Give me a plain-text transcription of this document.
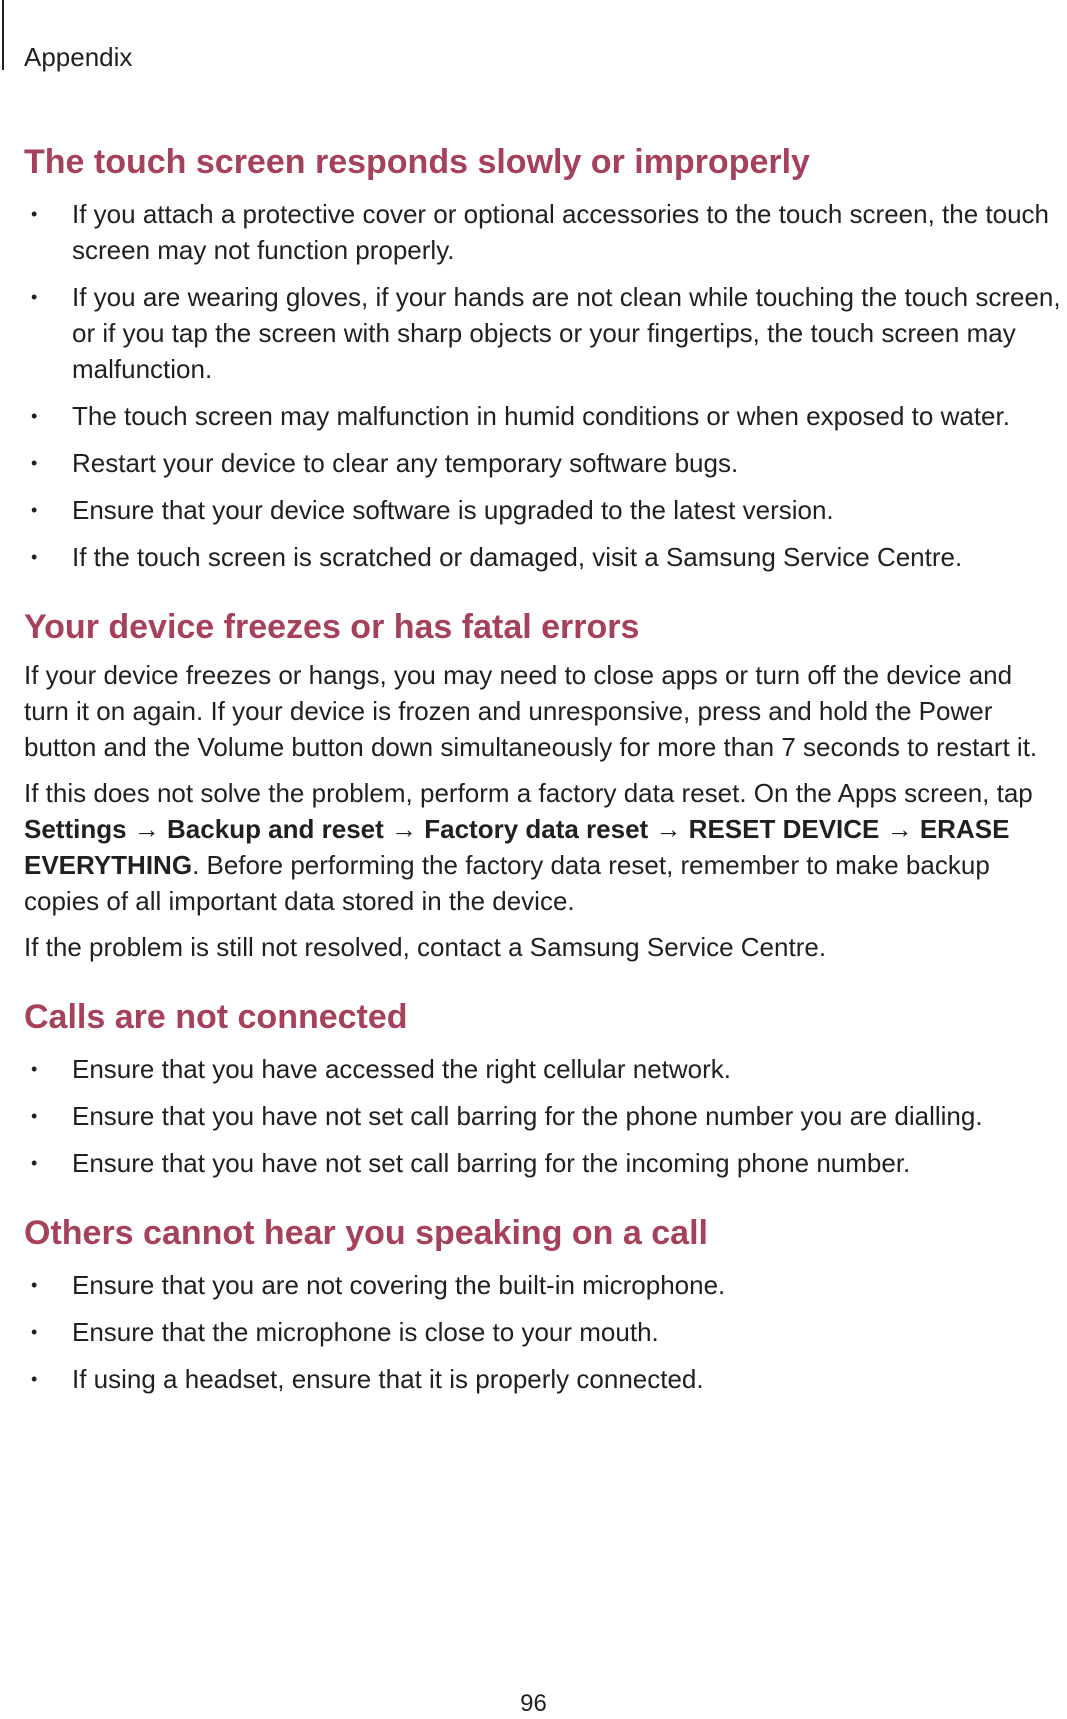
Appendix
The touch screen responds slowly or improperly
• If you attach a protective cover or optional accessories to the touch screen, the touch screen may not function properly.
• If you are wearing gloves, if your hands are not clean while touching the touch screen, or if you tap the screen with sharp objects or your fingertips, the touch screen may malfunction.
• The touch screen may malfunction in humid conditions or when exposed to water.
• Restart your device to clear any temporary software bugs.
• Ensure that your device software is upgraded to the latest version.
• If the touch screen is scratched or damaged, visit a Samsung Service Centre.
Your device freezes or has fatal errors

If your device freezes or hangs, you may need to close apps or turn off the device and turn it on again. If your device is frozen and unresponsive, press and hold the Power button and the Volume button down simultaneously for more than 7 seconds to restart it.

If this does not solve the problem, perform a factory data reset. On the Apps screen, tap Settings → Backup and reset → Factory data reset → RESET DEVICE → ERASE EVERYTHING. Before performing the factory data reset, remember to make backup copies of all important data stored in the device.

If the problem is still not resolved, contact a Samsung Service Centre.

Calls are not connected
• Ensure that you have accessed the right cellular network.
• Ensure that you have not set call barring for the phone number you are dialling.
• Ensure that you have not set call barring for the incoming phone number.
Others cannot hear you speaking on a call
• Ensure that you are not covering the built-in microphone.
• Ensure that the microphone is close to your mouth.
• If using a headset, ensure that it is properly connected.
96
